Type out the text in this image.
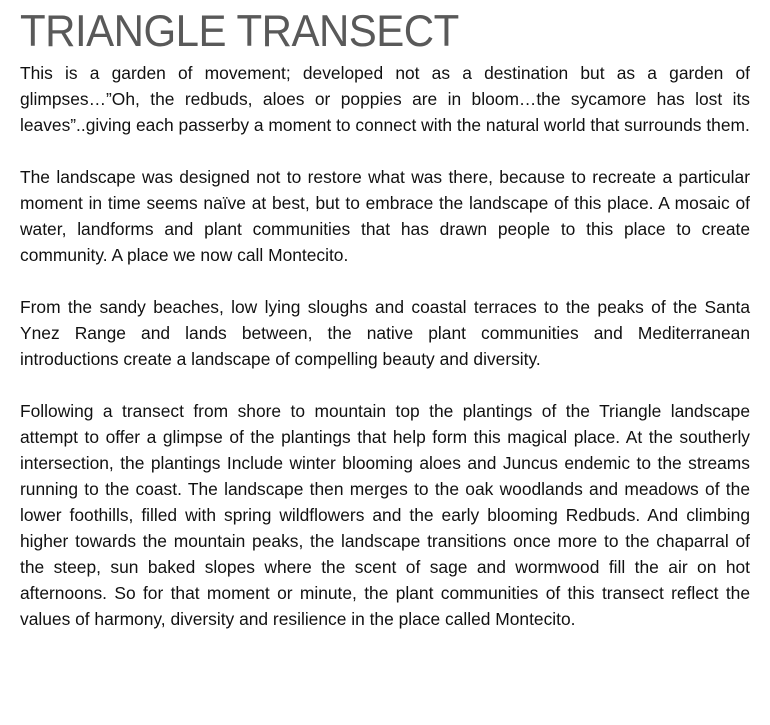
TRIANGLE TRANSECT

This is a garden of movement; developed not as a destination but as a garden of glimpses…”Oh, the redbuds, aloes or poppies are in bloom…the sycamore has lost its leaves”..giving each passerby a moment to connect with the natural world that surrounds them.

The landscape was designed not to restore what was there, because to recreate a particular moment in time seems naïve at best, but to embrace the landscape of this place. A mosaic of water, landforms and plant communities that has drawn people to this place to create community. A place we now call Montecito.

From the sandy beaches, low lying sloughs and coastal terraces to the peaks of the Santa Ynez Range and lands between, the native plant communities and Mediterranean introductions create a landscape of compelling beauty and diversity.

Following a transect from shore to mountain top the plantings of the Triangle landscape attempt to offer a glimpse of the plantings that help form this magical place. At the southerly intersection, the plantings Include winter blooming aloes and Juncus endemic to the streams running to the coast. The landscape then merges to the oak woodlands and meadows of the lower foothills, filled with spring wildflowers and the early blooming Redbuds. And climbing higher towards the mountain peaks, the landscape transitions once more to the chaparral of the steep, sun baked slopes where the scent of sage and wormwood fill the air on hot afternoons. So for that moment or minute, the plant communities of this transect reflect the values of harmony, diversity and resilience in the place called Montecito.
